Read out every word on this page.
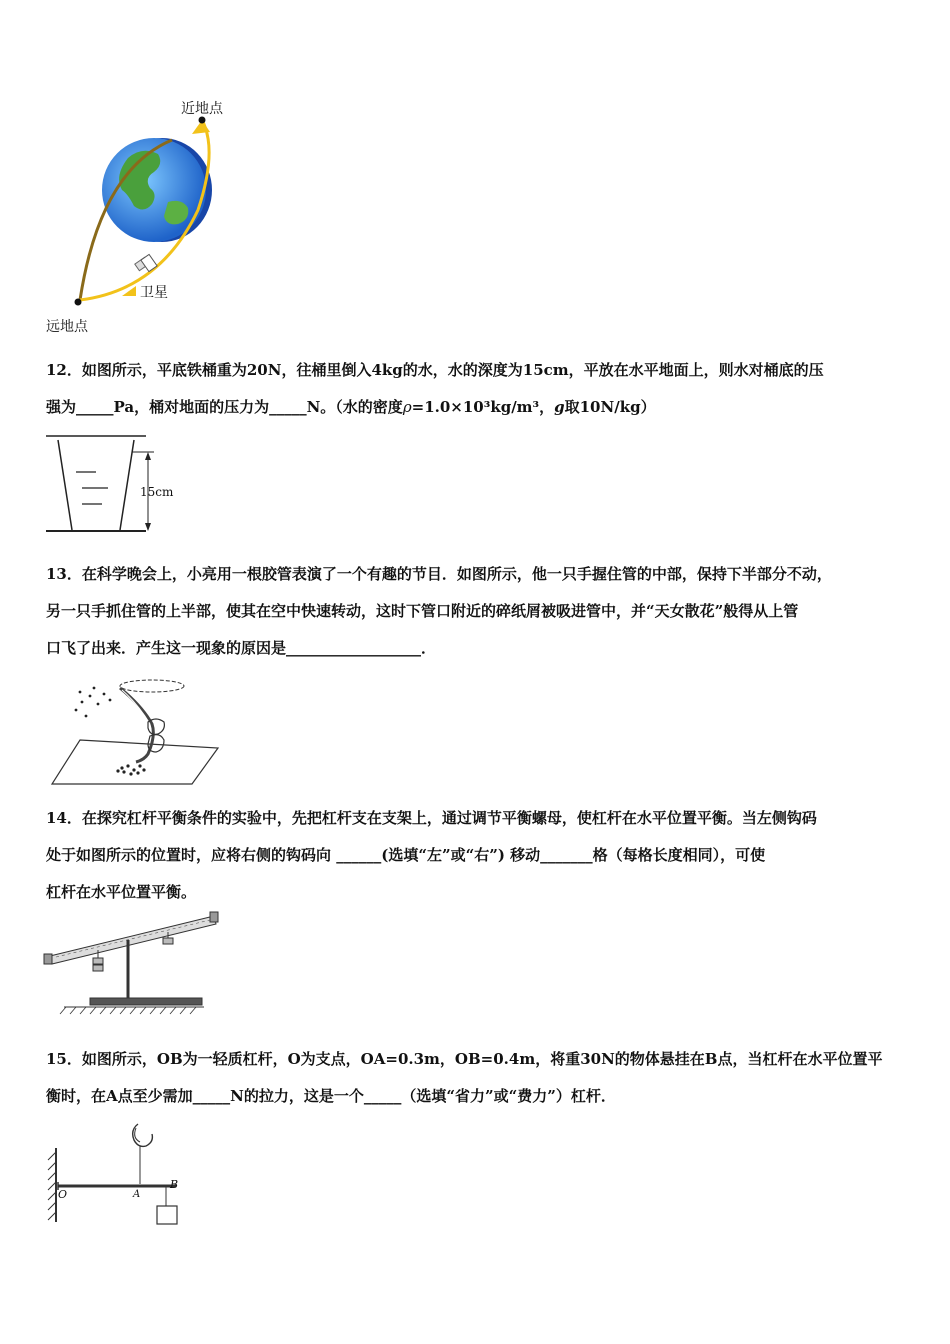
近地点
卫星
远地点

12．如图所示，平底铁桶重为20N，往桶里倒入4kg的水，水的深度为15cm，平放在水平地面上，则水对桶底的压

强为_____Pa，桶对地面的压力为_____N。（水的密度ρ=1.0×10³kg/m³，g取10N/kg）

15cm

13．在科学晚会上，小亮用一根胶管表演了一个有趣的节目．如图所示，他一只手握住管的中部，保持下半部分不动，

另一只手抓住管的上半部，使其在空中快速转动，这时下管口附近的碎纸屑被吸进管中，并“天女散花”般得从上管

口飞了出来．产生这一现象的原因是__________________．

14．在探究杠杆平衡条件的实验中，先把杠杆支在支架上，通过调节平衡螺母，使杠杆在水平位置平衡。当左侧钩码

处于如图所示的位置时，应将右侧的钩码向 ______(选填“左”或“右”) 移动_______格（每格长度相同），可使

杠杆在水平位置平衡。

15．如图所示，OB为一轻质杠杆，O为支点，OA=0.3m，OB=0.4m，将重30N的物体悬挂在B点，当杠杆在水平位置平

衡时，在A点至少需加_____N的拉力，这是一个_____（选填“省力”或“费力”）杠杆．

O	A
B
